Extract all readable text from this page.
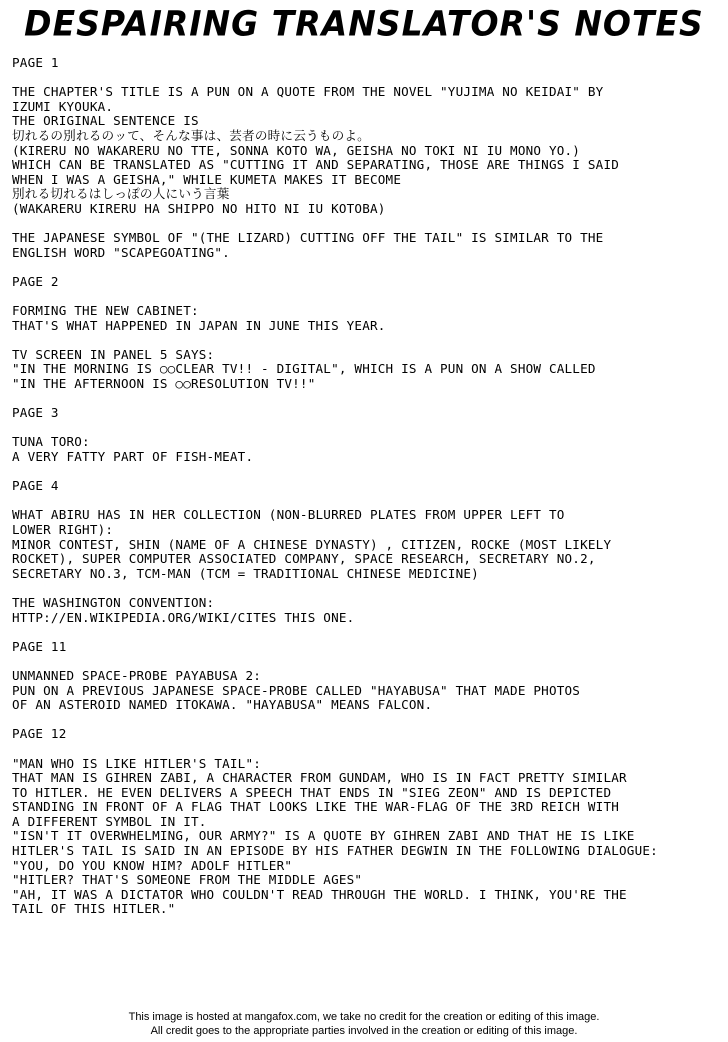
DESPAIRING TRANSLATOR'S NOTES
PAGE 1
THE CHAPTER'S TITLE IS A PUN ON A QUOTE FROM THE NOVEL "YUJIMA NO KEIDAI" BY
IZUMI KYOUKA.
THE ORIGINAL SENTENCE IS
切れるの別れるのッて、そんな事は、芸者の時に云うものよ。
(KIRERU NO WAKARERU NO TTE, SONNA KOTO WA, GEISHA NO TOKI NI IU MONO YO.)
WHICH CAN BE TRANSLATED AS "CUTTING IT AND SEPARATING, THOSE ARE THINGS I SAID
WHEN I WAS A GEISHA," WHILE KUMETA MAKES IT BECOME
別れる切れるはしっぽの人にいう言葉
(WAKARERU KIRERU HA SHIPPO NO HITO NI IU KOTOBA)
THE JAPANESE SYMBOL OF "(THE LIZARD) CUTTING OFF THE TAIL" IS SIMILAR TO THE
ENGLISH WORD "SCAPEGOATING".
PAGE 2
FORMING THE NEW CABINET:
THAT'S WHAT HAPPENED IN JAPAN IN JUNE THIS YEAR.
TV SCREEN IN PANEL 5 SAYS:
"IN THE MORNING IS ○○CLEAR TV!! - DIGITAL", WHICH IS A PUN ON A SHOW CALLED
"IN THE AFTERNOON IS ○○RESOLUTION TV!!"
PAGE 3
TUNA TORO:
A VERY FATTY PART OF FISH-MEAT.
PAGE 4
WHAT ABIRU HAS IN HER COLLECTION (NON-BLURRED PLATES FROM UPPER LEFT TO
LOWER RIGHT):
MINOR CONTEST, SHIN (NAME OF A CHINESE DYNASTY) , CITIZEN, ROCKE (MOST LIKELY
ROCKET), SUPER COMPUTER ASSOCIATED COMPANY, SPACE RESEARCH, SECRETARY NO.2,
SECRETARY NO.3, TCM-MAN (TCM = TRADITIONAL CHINESE MEDICINE)
THE WASHINGTON CONVENTION:
HTTP://EN.WIKIPEDIA.ORG/WIKI/CITES THIS ONE.
PAGE 11
UNMANNED SPACE-PROBE PAYABUSA 2:
PUN ON A PREVIOUS JAPANESE SPACE-PROBE CALLED "HAYABUSA" THAT MADE PHOTOS
OF AN ASTEROID NAMED ITOKAWA. "HAYABUSA" MEANS FALCON.
PAGE 12
"MAN WHO IS LIKE HITLER'S TAIL":
THAT MAN IS GIHREN ZABI, A CHARACTER FROM GUNDAM, WHO IS IN FACT PRETTY SIMILAR
TO HITLER. HE EVEN DELIVERS A SPEECH THAT ENDS IN "SIEG ZEON" AND IS DEPICTED
STANDING IN FRONT OF A FLAG THAT LOOKS LIKE THE WAR-FLAG OF THE 3RD REICH WITH
A DIFFERENT SYMBOL IN IT.
"ISN'T IT OVERWHELMING, OUR ARMY?" IS A QUOTE BY GIHREN ZABI AND THAT HE IS LIKE
HITLER'S TAIL IS SAID IN AN EPISODE BY HIS FATHER DEGWIN IN THE FOLLOWING DIALOGUE:
"YOU, DO YOU KNOW HIM? ADOLF HITLER"
"HITLER? THAT'S SOMEONE FROM THE MIDDLE AGES"
"AH, IT WAS A DICTATOR WHO COULDN'T READ THROUGH THE WORLD. I THINK, YOU'RE THE
TAIL OF THIS HITLER."
This image is hosted at mangafox.com, we take no credit for the creation or editing of this image.
All credit goes to the appropriate parties involved in the creation or editing of this image.
